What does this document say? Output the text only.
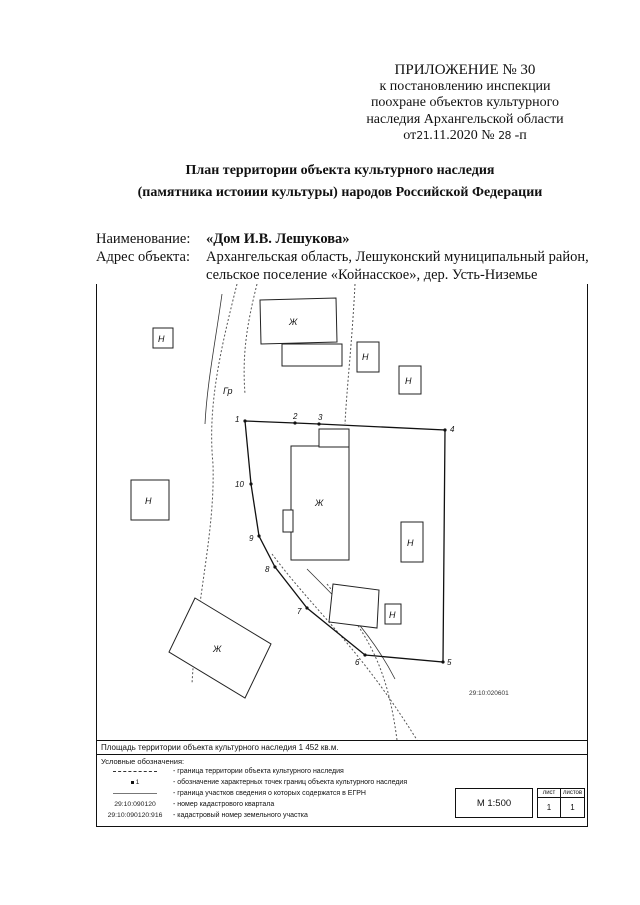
ПРИЛОЖЕНИЕ № 30
к постановлению инспекции
поохране объектов культурного
наследия Архангельской области
от21.11.2020 № 28 -п
План территории объекта культурного наследия
(памятника истоиии культуры) народов Российской Федерации
Наименование:	«Дом И.В. Лешукова»
Адрес объекта:	Архангельская область, Лешуконский муниципальный район,
сельское поселение «Койнасское», дер. Усть-Низемье
1	2	3
4
5
6
7
8
9
10
Гр
Ж
Н
Н
Н
Н	Ж
Н
Н
Ж
29:10:020601
Площадь территории объекта культурного наследия 1 452 кв.м.
Условные обозначения:
- граница территории объекта культурного наследия
1	- обозначение характерных точек границ объекта культурного наследия
- граница участков сведения о которых содержатся в ЕГРН
29:10:090120	- номер кадастрового квартала
29:10:090120:916	- кадастровый номер земельного участка
М 1:500
лист	листов
1	1
